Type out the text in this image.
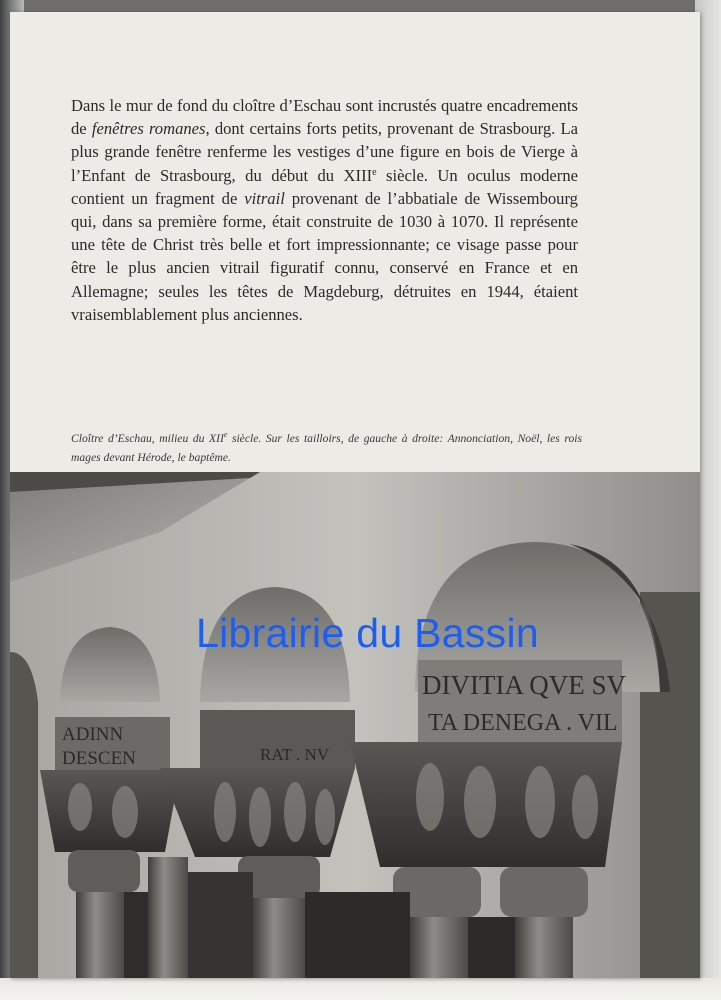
Dans le mur de fond du cloître d’Eschau sont incrustés quatre encadrements de fenêtres romanes, dont certains forts petits, provenant de Strasbourg. La plus grande fenêtre renferme les vestiges d’une figure en bois de Vierge à l’Enfant de Strasbourg, du début du XIIIe siècle. Un oculus moderne contient un fragment de vitrail provenant de l’abbatiale de Wissembourg qui, dans sa première forme, était construite de 1030 à 1070. Il représente une tête de Christ très belle et fort impressionnante; ce visage passe pour être le plus ancien vitrail figuratif connu, conservé en France et en Allemagne; seules les têtes de Magdeburg, détruites en 1944, étaient vraisemblablement plus anciennes.

Cloître d’Eschau, milieu du XIIe siècle. Sur les tailloirs, de gauche à droite: Annonciation, Noël, les rois mages devant Hérode, le baptême.

ADINN
DESCEN	RAT . NV
DIVITIA QVE SV
TA DENEGA . VIL
Librairie du Bassin
